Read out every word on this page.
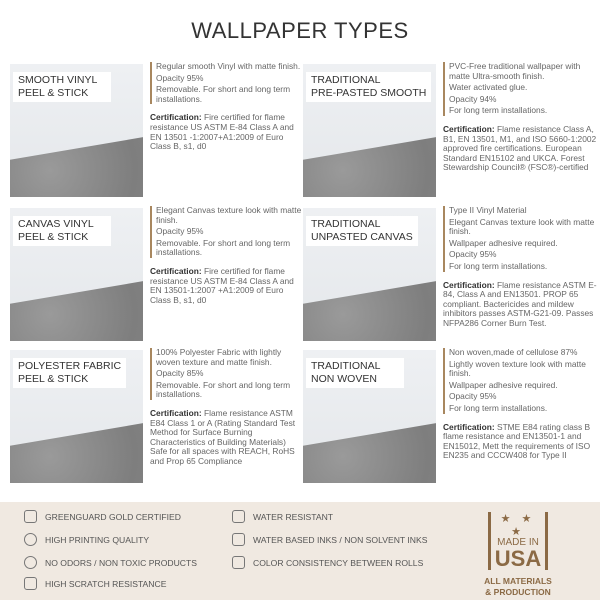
WALLPAPER TYPES
SMOOTH VINYL
PEEL & STICK
Regular smooth Vinyl with matte finish.
Opacity 95%
Removable. For short and long term installations.
Certification: Fire certified for flame resistance US ASTM E-84 Class A and EN 13501 -1:2007+A1:2009 of Euro Class B, s1, d0
TRADITIONAL
PRE-PASTED SMOOTH
PVC-Free traditional wallpaper with matte Ultra-smooth finish.
Water activated glue.
Opacity 94%
For long term installations.
Certification: Flame resistance Class A, B1, EN 13501, M1, and ISO 5660-1:2002 approved fire certifications. European Standard EN15102 and UKCA. Forest Stewardship Council® (FSC®)-certified
CANVAS VINYL
PEEL & STICK
Elegant Canvas texture look with matte finish.
Opacity 95%
Removable. For short and long term installations.
Certification: Fire certified for flame resistance US ASTM E-84 Class A and EN 13501-1:2007 +A1:2009 of Euro Class B, s1, d0
TRADITIONAL
UNPASTED CANVAS
Type II Vinyl Material
Elegant Canvas texture look with matte finish.
Wallpaper adhesive required.
Opacity 95%
For long term installations.
Certification: Flame resistance ASTM E-84, Class A and EN13501. PROP 65 compliant. Bactericides and mildew inhibitors passes ASTM-G21-09. Passes NFPA286 Corner Burn Test.
POLYESTER FABRIC
PEEL & STICK
100% Polyester Fabric with lightly woven texture and matte finish.
Opacity 85%
Removable. For short and long term installations.
Certification: Flame resistance ASTM E84 Class 1 or A (Rating Standard Test Method for Surface Burning Characteristics of Building Materials) Safe for all spaces with REACH, RoHS and Prop 65 Compliance
TRADITIONAL
NON WOVEN
Non woven,made of cellulose 87%
Lightly woven texture look with matte finish.
Wallpaper adhesive required.
Opacity 95%
For long term installations.
Certification: STME E84 rating class B flame resistance and EN13501-1 and EN15012, Mett the requirements of ISO EN235 and CCCW408 for Type II
GREENGUARD GOLD CERTIFIED
HIGH PRINTING QUALITY
NO ODORS / NON TOXIC PRODUCTS
HIGH SCRATCH RESISTANCE
WATER RESISTANT
WATER BASED INKS / NON SOLVENT INKS
COLOR CONSISTENCY BETWEEN ROLLS
★ ★ ★
MADE IN
USA
ALL MATERIALS
& PRODUCTION
